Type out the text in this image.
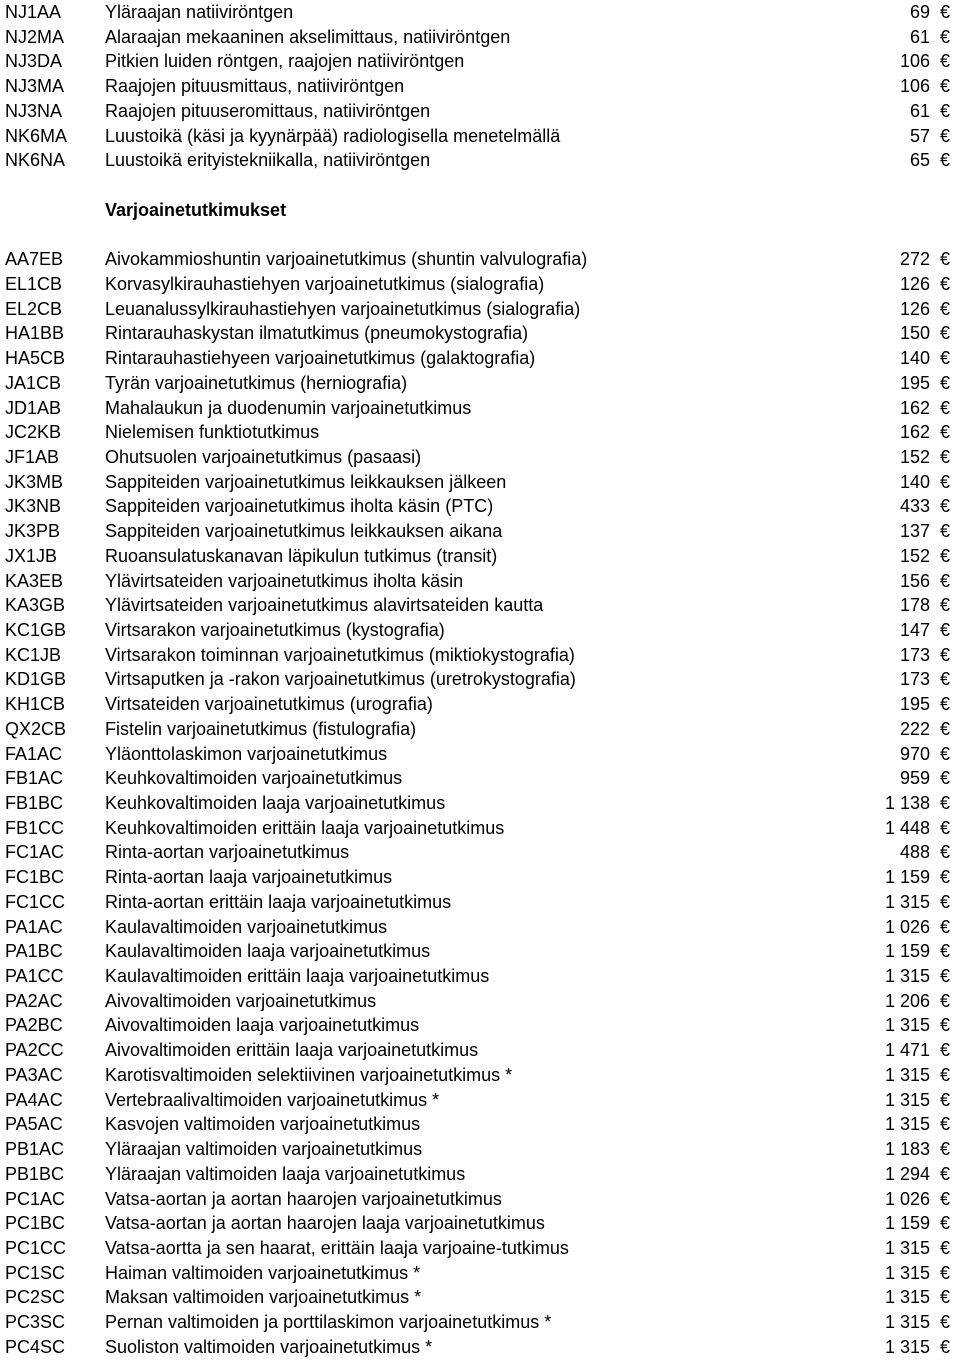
NJ1AA Yläraajan natiiviröntgen	69 €
NJ2MA Alaraajan mekaaninen akselimittaus, natiiviröntgen	61 €
NJ3DA Pitkien luiden röntgen, raajojen natiiviröntgen	106 €
NJ3MA Raajojen pituusmittaus, natiiviröntgen	106 €
NJ3NA Raajojen pituuseromittaus, natiiviröntgen	61 €
NK6MA Luustoikä (käsi ja kyynärpää) radiologisella menetelmällä	57 €
NK6NA Luustoikä erityistekniikalla, natiiviröntgen	65 €
Varjoainetutkimukset
AA7EB Aivokammioshuntin varjoainetutkimus (shuntin valvulografia)	272 €
EL1CB Korvasylkirauhastiehyen varjoainetutkimus (sialografia)	126 €
EL2CB Leuanalussylkirauhastiehyen varjoainetutkimus (sialografia)	126 €
HA1BB Rintarauhaskystan ilmatutkimus (pneumokystografia)	150 €
HA5CB Rintarauhastiehyeen varjoainetutkimus (galaktografia)	140 €
JA1CB Tyrän varjoainetutkimus (herniografia)	195 €
JD1AB Mahalaukun ja duodenumin varjoainetutkimus	162 €
JC2KB Nielemisen funktiotutkimus	162 €
JF1AB	Ohutsuolen varjoainetutkimus (pasaasi)	152 €
JK3MB Sappiteiden varjoainetutkimus leikkauksen jälkeen	140 €
JK3NB Sappiteiden varjoainetutkimus iholta käsin (PTC)	433 €
JK3PB Sappiteiden varjoainetutkimus leikkauksen aikana	137 €
JX1JB	Ruoansulatuskanavan läpikulun tutkimus (transit)	152 €
KA3EB Ylävirtsateiden varjoainetutkimus iholta käsin	156 €
KA3GB Ylävirtsateiden varjoainetutkimus alavirtsateiden kautta	178 €
KC1GB Virtsarakon varjoainetutkimus (kystografia)	147 €
KC1JB Virtsarakon toiminnan varjoainetutkimus (miktiokystografia)	173 €
KD1GB Virtsaputken ja -rakon varjoainetutkimus (uretrokystografia)	173 €
KH1CB Virtsateiden varjoainetutkimus (urografia)	195 €
QX2CB Fistelin varjoainetutkimus (fistulografia)	222 €
FA1AC Yläonttolaskimon varjoainetutkimus	970 €
FB1AC Keuhkovaltimoiden varjoainetutkimus	959 €
FB1BC Keuhkovaltimoiden laaja varjoainetutkimus	1 138 €
FB1CC Keuhkovaltimoiden erittäin laaja varjoainetutkimus	1 448 €
FC1AC Rinta-aortan varjoainetutkimus	488 €
FC1BC Rinta-aortan laaja varjoainetutkimus	1 159 €
FC1CC Rinta-aortan erittäin laaja varjoainetutkimus	1 315 €
PA1AC Kaulavaltimoiden varjoainetutkimus	1 026 €
PA1BC Kaulavaltimoiden laaja varjoainetutkimus	1 159 €
PA1CC Kaulavaltimoiden erittäin laaja varjoainetutkimus	1 315 €
PA2AC Aivovaltimoiden varjoainetutkimus	1 206 €
PA2BC Aivovaltimoiden laaja varjoainetutkimus	1 315 €
PA2CC Aivovaltimoiden erittäin laaja varjoainetutkimus	1 471 €
PA3AC Karotisvaltimoiden selektiivinen varjoainetutkimus *	1 315 €
PA4AC Vertebraalivaltimoiden varjoainetutkimus *	1 315 €
PA5AC Kasvojen valtimoiden varjoainetutkimus	1 315 €
PB1AC Yläraajan valtimoiden varjoainetutkimus	1 183 €
PB1BC Yläraajan valtimoiden laaja varjoainetutkimus	1 294 €
PC1AC Vatsa-aortan ja aortan haarojen varjoainetutkimus	1 026 €
PC1BC Vatsa-aortan ja aortan haarojen laaja varjoainetutkimus	1 159 €
PC1CC Vatsa-aortta ja sen haarat, erittäin laaja varjoaine-tutkimus	1 315 €
PC1SC Haiman valtimoiden varjoainetutkimus *	1 315 €
PC2SC Maksan valtimoiden varjoainetutkimus *	1 315 €
PC3SC Pernan valtimoiden ja porttilaskimon varjoainetutkimus *	1 315 €
PC4SC Suoliston valtimoiden varjoainetutkimus *	1 315 €
